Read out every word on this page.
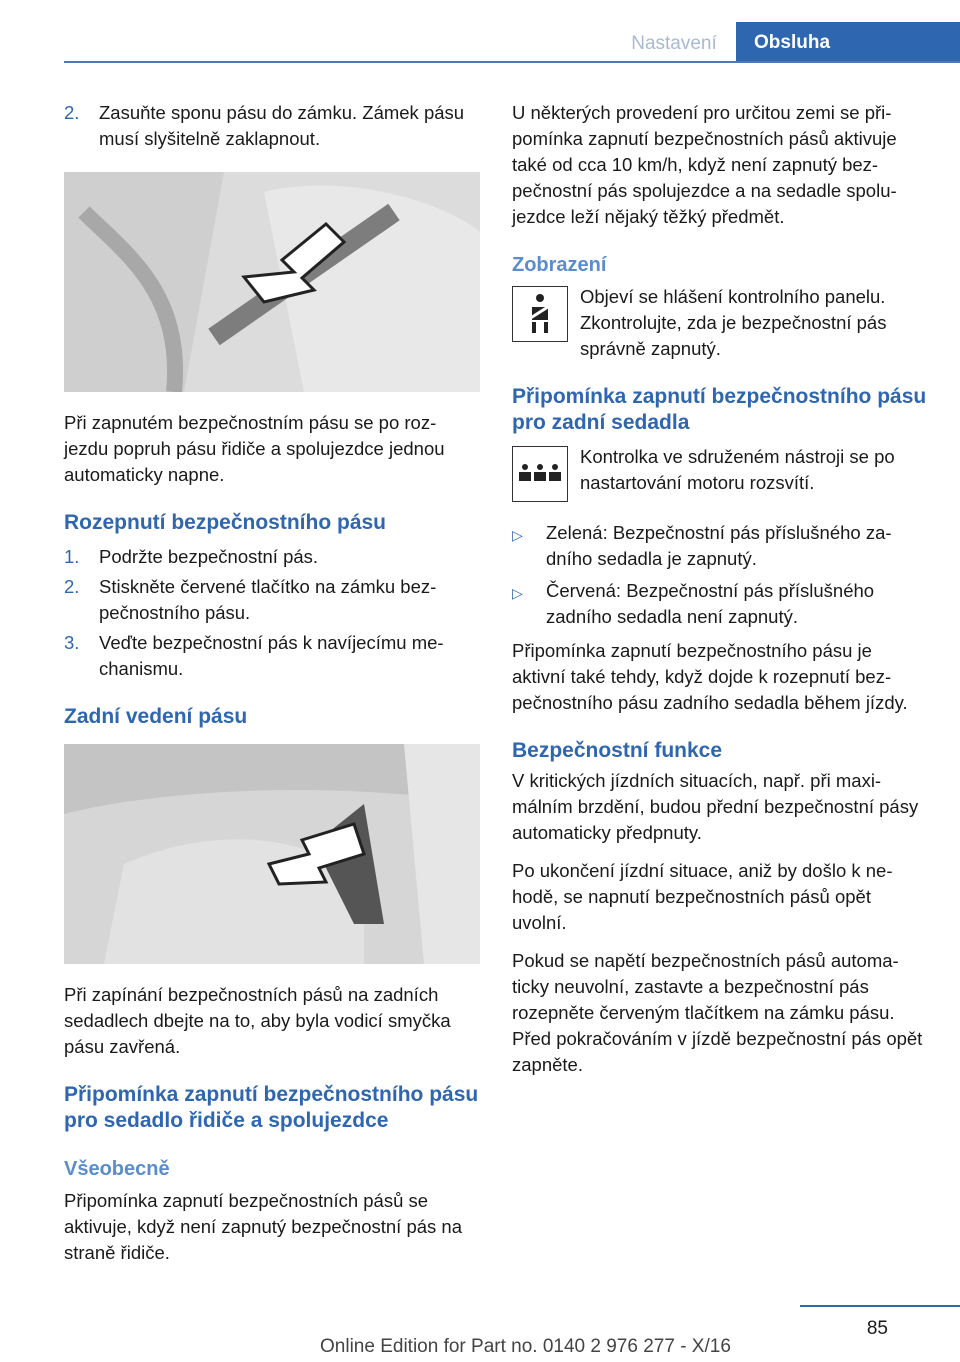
Nastavení	Obsluha
2.	Zasuňte sponu pásu do zámku. Zámek pásu musí slyšitelně zaklapnout.

Při zapnutém bezpečnostním pásu se po roz‐jezdu popruh pásu řidiče a spolujezdce jednou automaticky napne.

Rozepnutí bezpečnostního pásu
1.	Podržte bezpečnostní pás.
2.	Stiskněte červené tlačítko na zámku bez‐pečnostního pásu.
3.	Veďte bezpečnostní pás k navíjecímu me‐chanismu.
Zadní vedení pásu

Při zapínání bezpečnostních pásů na zadních sedadlech dbejte na to, aby byla vodicí smyčka pásu zavřená.

Připomínka zapnutí bezpečnostního pásu pro sedadlo řidiče a spolujezdce
Všeobecně

Připomínka zapnutí bezpečnostních pásů se aktivuje, když není zapnutý bezpečnostní pás na straně řidiče.

U některých provedení pro určitou zemi se při‐pomínka zapnutí bezpečnostních pásů aktivuje také od cca 10 km/h, když není zapnutý bez‐pečnostní pás spolujezdce a na sedadle spolu‐jezdce leží nějaký těžký předmět.

Zobrazení

Objeví se hlášení kontrolního panelu. Zkontrolujte, zda je bezpečnostní pás správně zapnutý.

Připomínka zapnutí bezpečnostního pásu pro zadní sedadla

Kontrolka ve sdruženém nástroji se po nastartování motoru rozsvítí.

▷	Zelená: Bezpečnostní pás příslušného za‐dního sedadla je zapnutý.
▷	Červená: Bezpečnostní pás příslušného zadního sedadla není zapnutý.

Připomínka zapnutí bezpečnostního pásu je aktivní také tehdy, když dojde k rozepnutí bez‐pečnostního pásu zadního sedadla během jízdy.

Bezpečnostní funkce

V kritických jízdních situacích, např. při maxi‐málním brzdění, budou přední bezpečnostní pásy automaticky předpnuty.

Po ukončení jízdní situace, aniž by došlo k ne‐hodě, se napnutí bezpečnostních pásů opět uvolní.

Pokud se napětí bezpečnostních pásů automa‐ticky neuvolní, zastavte a bezpečnostní pás rozepněte červeným tlačítkem na zámku pásu. Před pokračováním v jízdě bezpečnostní pás opět zapněte.

85
Online Edition for Part no. 0140 2 976 277 - X/16
